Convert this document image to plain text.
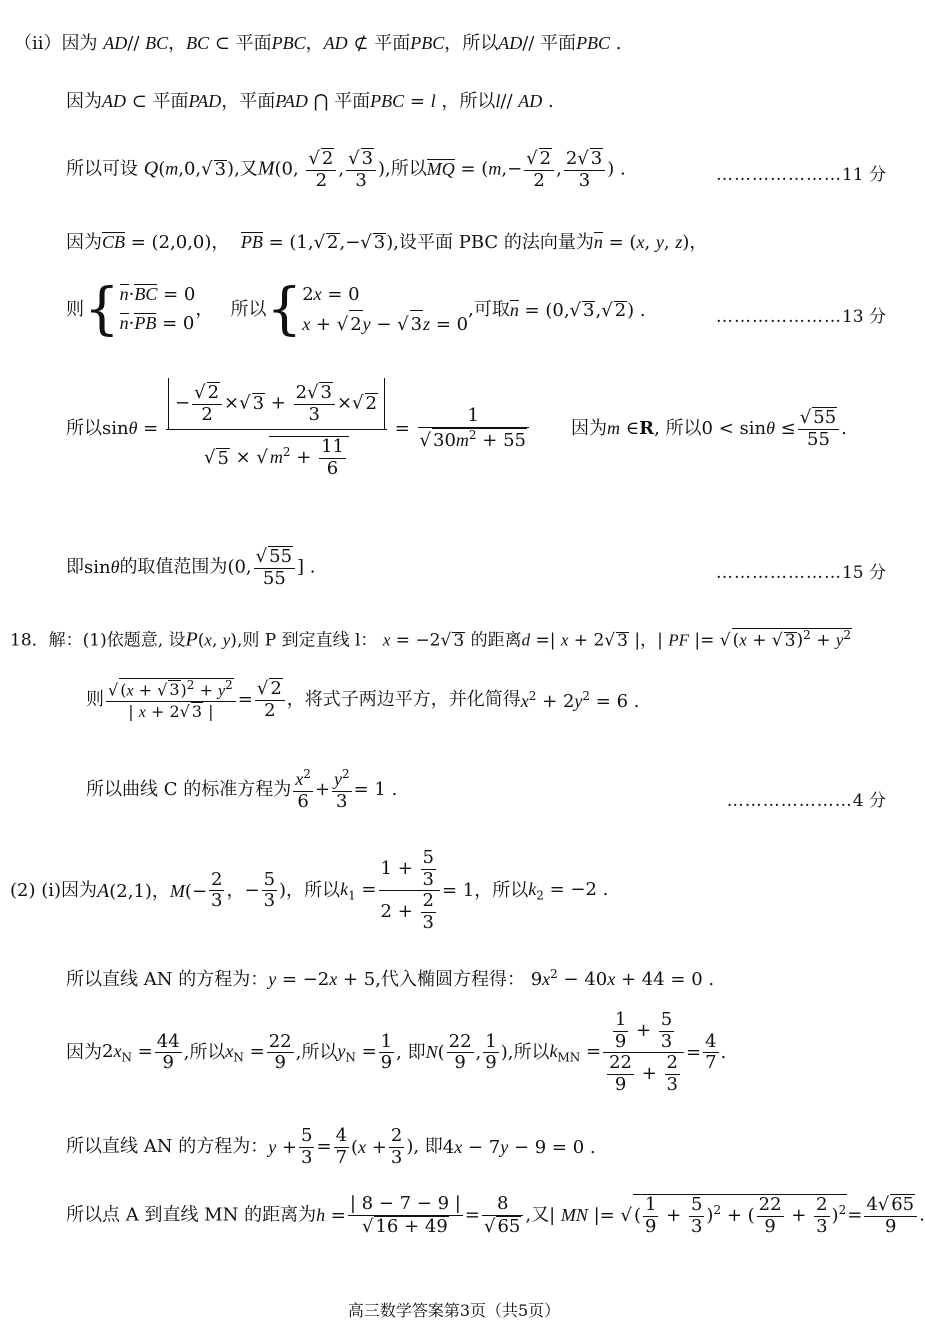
（ii）因为 AD// BC，BC ⊂ 平面PBC，AD ⊄ 平面PBC，所以AD// 平面PBC .
因为AD ⊂ 平面PAD，平面PAD ⋂ 平面PBC = l ，所以l// AD .
所以可设 Q(m,0,√ 3),又M(0, $\frac{√ 2}{2}$ , $\frac{√ 3}{3}$ ),所以MQ = ($m,- \frac{√ 2}{2}$ , $\frac{2√ 3}{3}$ ) .	…………………11 分
因为CB = (2,0,0)，  PB = (1,√ 2,−√ 3),设平面 PBC 的法向量为n = (x, y, z)，
则{ n·BC = 0
n·PB = 0
，   所以{ 2x = 0
x + √ 2y − √ 3z = 0
,可取n = (0,√ 3,√ 2) .	…………………13 分
所以$\sin\theta = \frac{- \frac{√ 2}{2} \times√ 3 + \frac{2√ 3}{3} \times√ 2}{√ 5 \times √ m^2 + \frac{11}{6}} = \frac{1}{√ 30m^2 + 55}$ 因为m ∈R, 所以$0 < \sin\theta \le \frac{√ 55}{55}$ .
即sinθ的取值范围为(0, $\frac{√ 55}{55}$ ] .	…………………15 分
18．解：(1)依题意, 设P(x, y),则 P 到定直线 l： x = −2√ 3 的距离d =| x + 2√ 3 |，| PF |= √ (x + √ $3)^2 + y^2$
则 $\frac{√ (x + √ 3)^2 + y^2}{| x + 2√ 3 |} = \frac{√ 2}{2}$ ，将式子两边平方，并化简得$x^2 + 2y^2 = 6$ .
所以曲线 C 的标准方程为 $\frac{x^2}{6} + \frac{y^2}{3} = 1$ .
…………………4 分
(2) (ⅰ)因为A(2,1)，$M(- \frac{2}{3}$ ，− $\frac{5}{3}$ )，所以$k_1 = \frac{1 + \frac{5}{3}}{2 + \frac{2}{3}} = 1$，所以$k_2 = -2$ .
所以直线 AN 的方程为：y = −2x + 5,代入椭圆方程得： $9x^2 - 40x + 44 = 0$ .
因为$2x_N = \frac{44}{9}$ ,所以$x_N = \frac{22}{9}$ ,所以$y_N = \frac{1}{9}$ , 即$N( \frac{22}{9}$ , $\frac{1}{9}$ ),所以$k_{MN} = \frac{\frac{1}{9} + \frac{5}{3}}{\frac{22}{9} + \frac{2}{3}} = \frac{4}{7}$ .
所以直线 AN 的方程为：$y + \frac{5}{3} = \frac{4}{7} (x + \frac{2}{3}$ ), 即4x − 7y − 9 = 0 .
所以点 A 到直线 MN 的距离为$h = \frac{| 8 - 7 - 9 |}{√ 16 + 49} = \frac{8}{√ 65}$ ,又| MN |= √ ( $\frac{1}{9} + \frac{5}{3} )^2$ + ( $\frac{22}{9} + \frac{2}{3} )^2= \frac{4√ 65}{9}$ .
高三数学答案第3页（共5页）
